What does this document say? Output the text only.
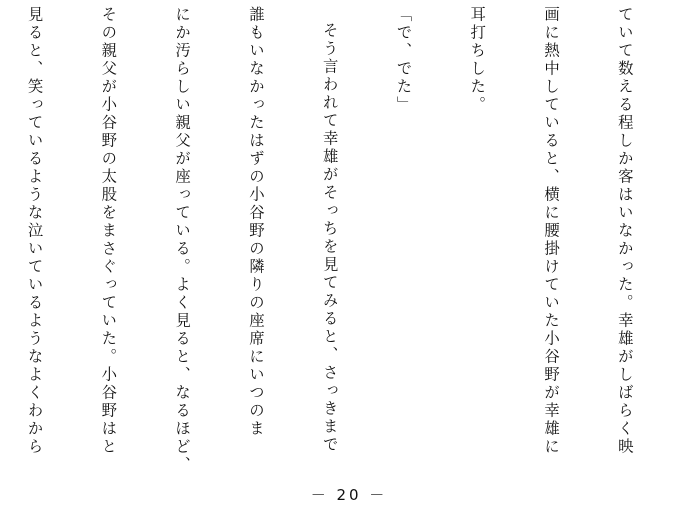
ていて数える程しか客はいなかった。幸雄がしばらく映

画に熱中していると、横に腰掛けていた小谷野が幸雄に

耳打ちした。

「で、でた」

そう言われて幸雄がそっちを見てみると、さっきまで

誰もいなかったはずの小谷野の隣りの座席にいつのま

にか汚らしい親父が座っている。よく見ると、なるほど、

その親父が小谷野の太股をまさぐっていた。小谷野はと

見ると、笑っているような泣いているようなよくわから

－ 20 －
